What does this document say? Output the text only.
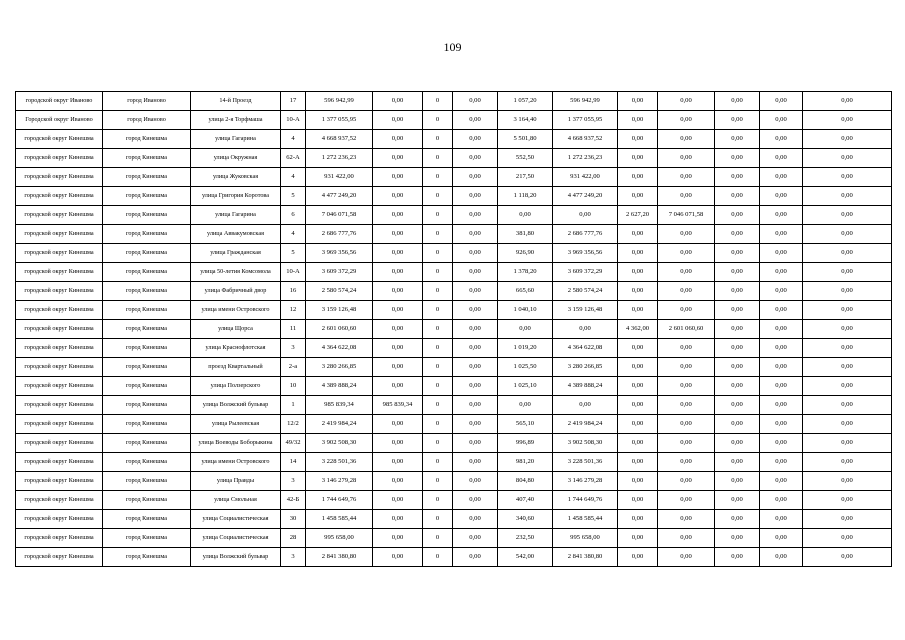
109
городской округ Иваново	город Иваново	14-й Проезд	17	596 942,99	0,00	0	0,00	1 057,20	596 942,99	0,00	0,00	0,00	0,00	0,00
Городской округ Иваново	город Иваново	улица 2-я Торфмаша	10-А	1 377 055,95	0,00	0	0,00	3 164,40	1 377 055,95	0,00	0,00	0,00	0,00	0,00
городской округ Кинешма	город Кинешма	улица Гагарина	4	4 668 937,52	0,00	0	0,00	5 501,80	4 668 937,52	0,00	0,00	0,00	0,00	0,00
городской округ Кинешма	город Кинешма	улица Окружная	62-А	1 272 236,23	0,00	0	0,00	552,50	1 272 236,23	0,00	0,00	0,00	0,00	0,00
городской округ Кинешма	город Кинешма	улица Жуковская	4	931 422,00	0,00	0	0,00	217,50	931 422,00	0,00	0,00	0,00	0,00	0,00
городской округ Кинешма	город Кинешма	улица Григория Коротова	5	4 477 249,20	0,00	0	0,00	1 118,20	4 477 249,20	0,00	0,00	0,00	0,00	0,00
городской округ Кинешма	город Кинешма	улица Гагарина	6	7 046 071,58	0,00	0	0,00	0,00	0,00	2 627,20	7 046 071,58	0,00	0,00	0,00
городской округ Кинешма	город Кинешма	улица Аввакумовская	4	2 686 777,76	0,00	0	0,00	381,80	2 686 777,76	0,00	0,00	0,00	0,00	0,00
городской округ Кинешма	город Кинешма	улица Гражданская	5	3 969 356,56	0,00	0	0,00	926,90	3 969 356,56	0,00	0,00	0,00	0,00	0,00
городской округ Кинешма	город Кинешма	улица 50-летия Комсомола	10-А	3 609 372,29	0,00	0	0,00	1 378,20	3 609 372,29	0,00	0,00	0,00	0,00	0,00
городской округ Кинешма	город Кинешма	улица Фабричный двор	16	2 580 574,24	0,00	0	0,00	665,60	2 580 574,24	0,00	0,00	0,00	0,00	0,00
городской округ Кинешма	город Кинешма	улица имени Островского	12	3 159 126,48	0,00	0	0,00	1 040,10	3 159 126,48	0,00	0,00	0,00	0,00	0,00
городской округ Кинешма	город Кинешма	улица Щорса	11	2 601 060,60	0,00	0	0,00	0,00	0,00	4 362,00	2 601 060,60	0,00	0,00	0,00
городской округ Кинешма	город Кинешма	улица Краснофлотская	3	4 364 622,08	0,00	0	0,00	1 019,20	4 364 622,08	0,00	0,00	0,00	0,00	0,00
городской округ Кинешма	город Кинешма	проезд Квартальный	2-а	3 280 266,85	0,00	0	0,00	1 025,50	3 280 266,85	0,00	0,00	0,00	0,00	0,00
городской округ Кинешма	город Кинешма	улица Ползерского	10	4 389 888,24	0,00	0	0,00	1 025,10	4 389 888,24	0,00	0,00	0,00	0,00	0,00
городской округ Кинешма	город Кинешма	улица Волжский бульвар	1	985 839,34	985 839,34	0	0,00	0,00	0,00	0,00	0,00	0,00	0,00	0,00
городской округ Кинешма	город Кинешма	улица Рылеевская	12/2	2 419 984,24	0,00	0	0,00	565,10	2 419 984,24	0,00	0,00	0,00	0,00	0,00
городской округ Кинешма	город Кинешма	улица Воеводы Боборыкина	49/32	3 902 508,30	0,00	0	0,00	996,89	3 902 508,30	0,00	0,00	0,00	0,00	0,00
городской округ Кинешма	город Кинешма	улица имени Островского	14	3 228 501,36	0,00	0	0,00	981,20	3 228 501,36	0,00	0,00	0,00	0,00	0,00
городской округ Кинешма	город Кинешма	улица Правды	3	3 146 279,28	0,00	0	0,00	804,80	3 146 279,28	0,00	0,00	0,00	0,00	0,00
городской округ Кинешма	город Кинешма	улица Смольная	42-Б	1 744 649,76	0,00	0	0,00	407,40	1 744 649,76	0,00	0,00	0,00	0,00	0,00
городской округ Кинешма	город Кинешма	улица Социалистическая	30	1 458 585,44	0,00	0	0,00	340,60	1 458 585,44	0,00	0,00	0,00	0,00	0,00
городской округ Кинешма	город Кинешма	улица Социалистическая	28	995 658,00	0,00	0	0,00	232,50	995 658,00	0,00	0,00	0,00	0,00	0,00
городской округ Кинешма	город Кинешма	улица Волжский бульвар	3	2 841 380,80	0,00	0	0,00	542,00	2 841 380,80	0,00	0,00	0,00	0,00	0,00
